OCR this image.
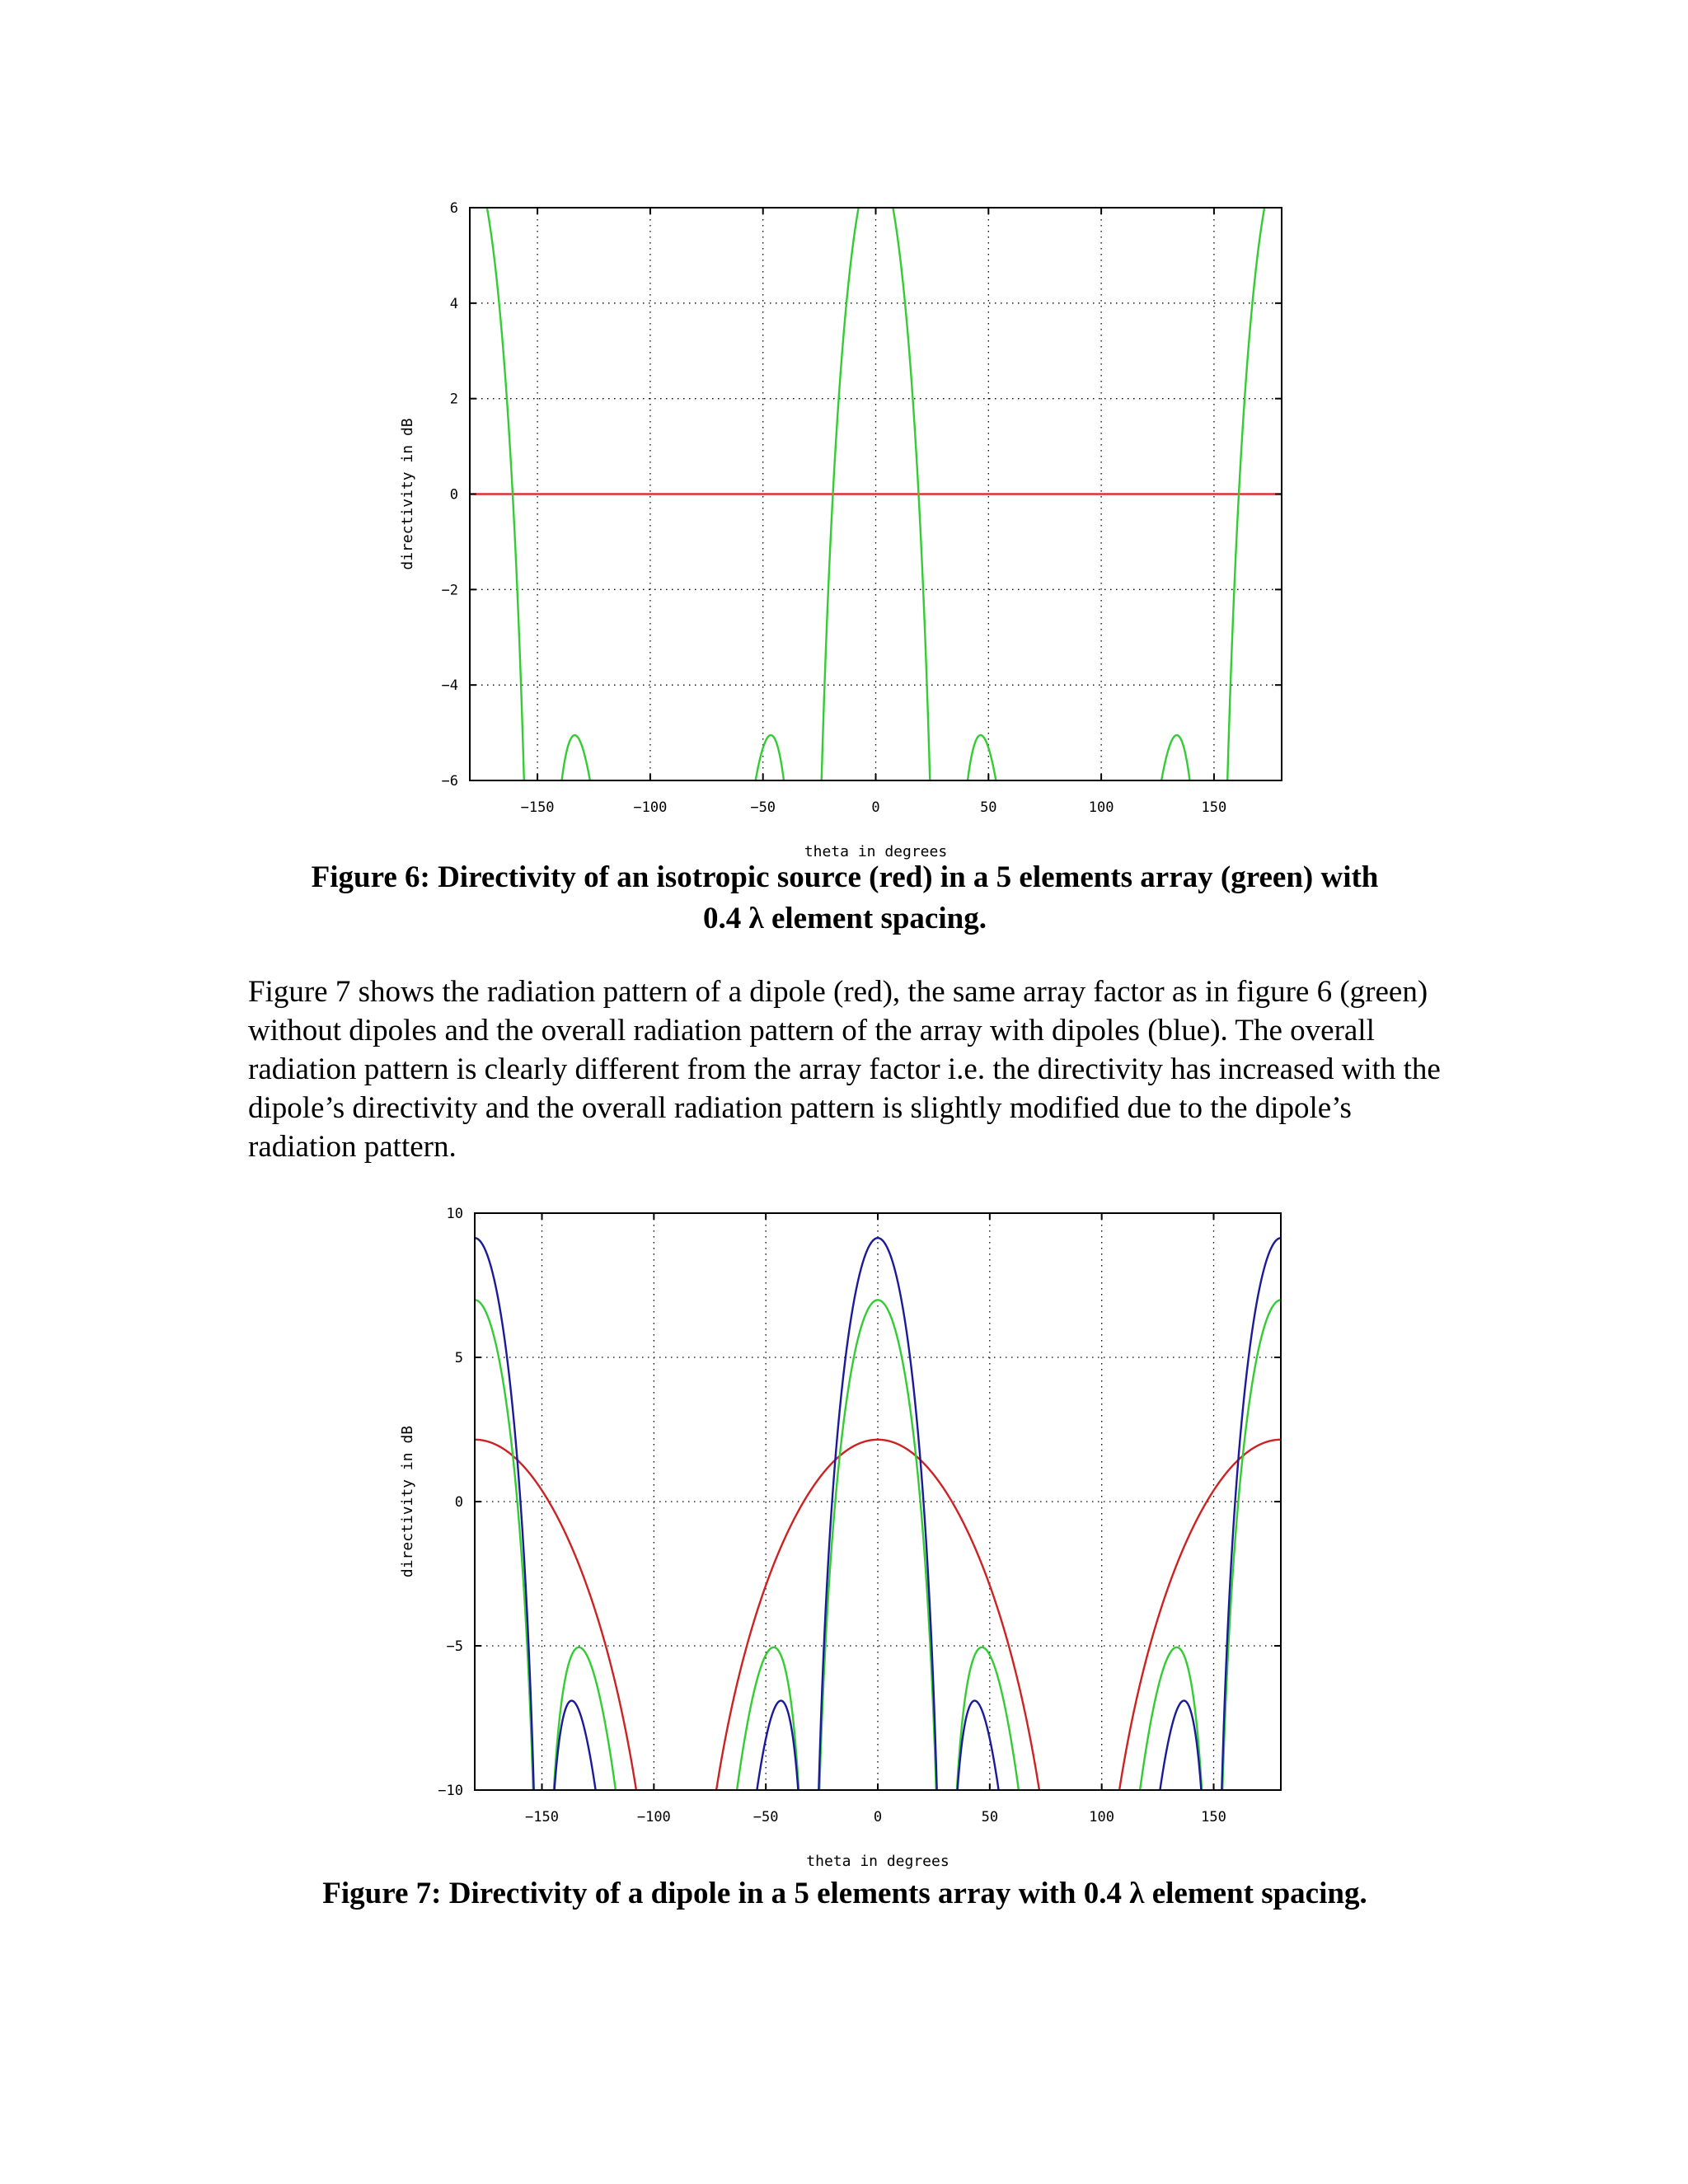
−150	−100	−50	0	50	100	150
−6
−4
−2
0
2
4
6
theta in degrees
directivity in dB

Figure 6: Directivity of an isotropic source (red) in a 5 elements array (green) with
0.4 λ element spacing.

Figure 7 shows the radiation pattern of a dipole (red), the same array factor as in figure 6 (green) without dipoles and the overall radiation pattern of the array with dipoles (blue). The overall radiation pattern is clearly different from the array factor i.e. the directivity has increased with the dipole’s directivity and the overall radiation pattern is slightly modified due to the dipole’s radiation pattern.

−150	−100	−50	0	50	100	150
−10
−5
0
5
10
theta in degrees
directivity in dB

Figure 7: Directivity of a dipole in a 5 elements array with 0.4 λ element spacing.
